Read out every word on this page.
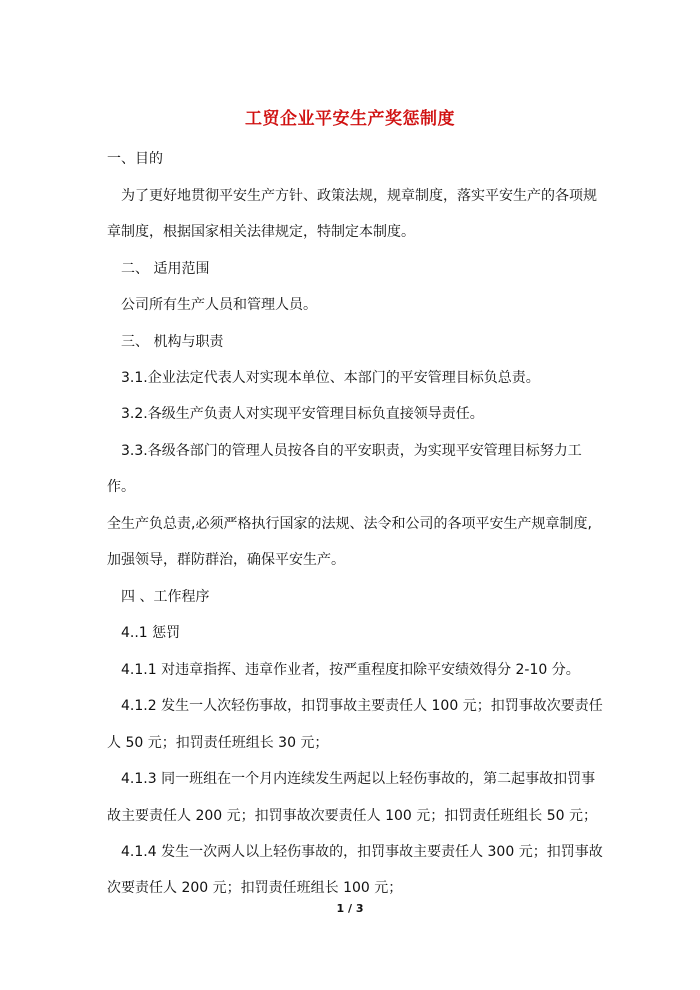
工贸企业平安生产奖惩制度
一、目的
为了更好地贯彻平安生产方针、政策法规，规章制度，落实平安生产的各项规
章制度，根据国家相关法律规定，特制定本制度。
二、 适用范围
公司所有生产人员和管理人员。
三、 机构与职责
3.1.企业法定代表人对实现本单位、本部门的平安管理目标负总责。
3.2.各级生产负责人对实现平安管理目标负直接领导责任。
3.3.各级各部门的管理人员按各自的平安职责，为实现平安管理目标努力工
作。
全生产负总责,必须严格执行国家的法规、法令和公司的各项平安生产规章制度,
加强领导，群防群治，确保平安生产。
四 、工作程序
4..1 惩罚
4.1.1 对违章指挥、违章作业者，按严重程度扣除平安绩效得分 2-10 分。
4.1.2 发生一人次轻伤事故，扣罚事故主要责任人 100 元；扣罚事故次要责任
人 50 元；扣罚责任班组长 30 元；
4.1.3 同一班组在一个月内连续发生两起以上轻伤事故的，第二起事故扣罚事
故主要责任人 200 元；扣罚事故次要责任人 100 元；扣罚责任班组长 50 元；
4.1.4 发生一次两人以上轻伤事故的，扣罚事故主要责任人 300 元；扣罚事故
次要责任人 200 元；扣罚责任班组长 100 元；
1 / 3
